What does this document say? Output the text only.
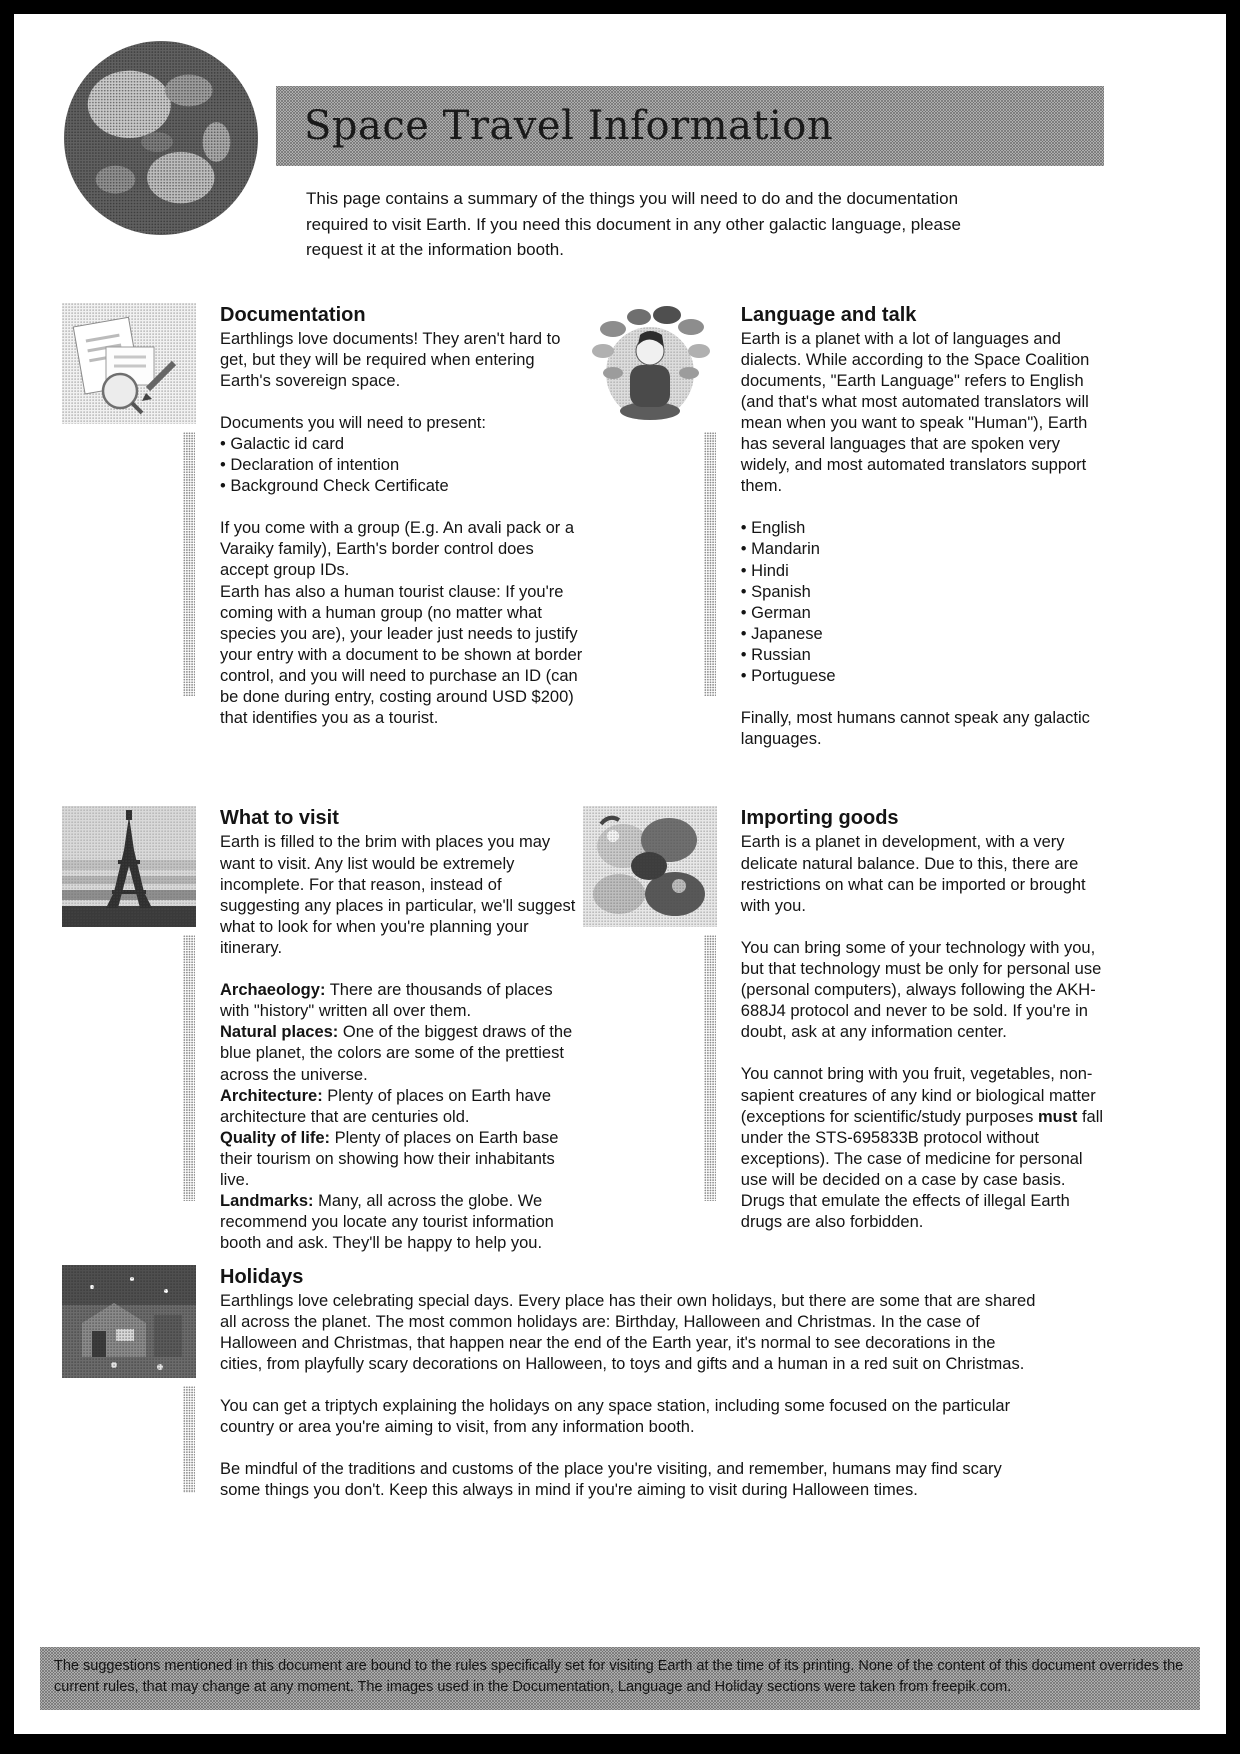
Space Travel Information

This page contains a summary of the things you will need to do and the documentation required to visit Earth. If you need this document in any other galactic language, please request it at the information booth.

Documentation

Earthlings love documents! They aren't hard to get, but they will be required when entering Earth's sovereign space.

Documents you will need to present:

• Galactic id card

• Declaration of intention

• Background Check Certificate

If you come with a group (E.g. An avali pack or a Varaiky family), Earth's border control does accept group IDs.

Earth has also a human tourist clause: If you're coming with a human group (no matter what species you are), your leader just needs to justify your entry with a document to be shown at border control, and you will need to purchase an ID (can be done during entry, costing around USD $200) that identifies you as a tourist.

Language and talk

Earth is a planet with a lot of languages and dialects. While according to the Space Coalition documents, "Earth Language" refers to English (and that's what most automated translators will mean when you want to speak "Human"), Earth has several languages that are spoken very widely, and most automated translators support them.

• English

• Mandarin

• Hindi

• Spanish

• German

• Japanese

• Russian

• Portuguese

Finally, most humans cannot speak any galactic languages.

What to visit

Earth is filled to the brim with places you may want to visit. Any list would be extremely incomplete. For that reason, instead of suggesting any places in particular, we'll suggest what to look for when you're planning your itinerary.

Archaeology: There are thousands of places with "history" written all over them.

Natural places: One of the biggest draws of the blue planet, the colors are some of the prettiest across the universe.

Architecture: Plenty of places on Earth have architecture that are centuries old.

Quality of life: Plenty of places on Earth base their tourism on showing how their inhabitants live.

Landmarks: Many, all across the globe. We recommend you locate any tourist information booth and ask. They'll be happy to help you.

Importing goods

Earth is a planet in development, with a very delicate natural balance. Due to this, there are restrictions on what can be imported or brought with you.

You can bring some of your technology with you, but that technology must be only for personal use (personal computers), always following the AKH-688J4 protocol and never to be sold. If you're in doubt, ask at any information center.

You cannot bring with you fruit, vegetables, non-sapient creatures of any kind or biological matter (exceptions for scientific/study purposes must fall under the STS-695833B protocol without exceptions). The case of medicine for personal use will be decided on a case by case basis. Drugs that emulate the effects of illegal Earth drugs are also forbidden.

Holidays

Earthlings love celebrating special days. Every place has their own holidays, but there are some that are shared all across the planet. The most common holidays are: Birthday, Halloween and Christmas. In the case of Halloween and Christmas, that happen near the end of the Earth year, it's normal to see decorations in the cities, from playfully scary decorations on Halloween, to toys and gifts and a human in a red suit on Christmas.

You can get a triptych explaining the holidays on any space station, including some focused on the particular country or area you're aiming to visit, from any information booth.

Be mindful of the traditions and customs of the place you're visiting, and remember, humans may find scary some things you don't. Keep this always in mind if you're aiming to visit during Halloween times.

The suggestions mentioned in this document are bound to the rules specifically set for visiting Earth at the time of its printing. None of the content of this document overrides the current rules, that may change at any moment. The images used in the Documentation, Language and Holiday sections were taken from freepik.com.
